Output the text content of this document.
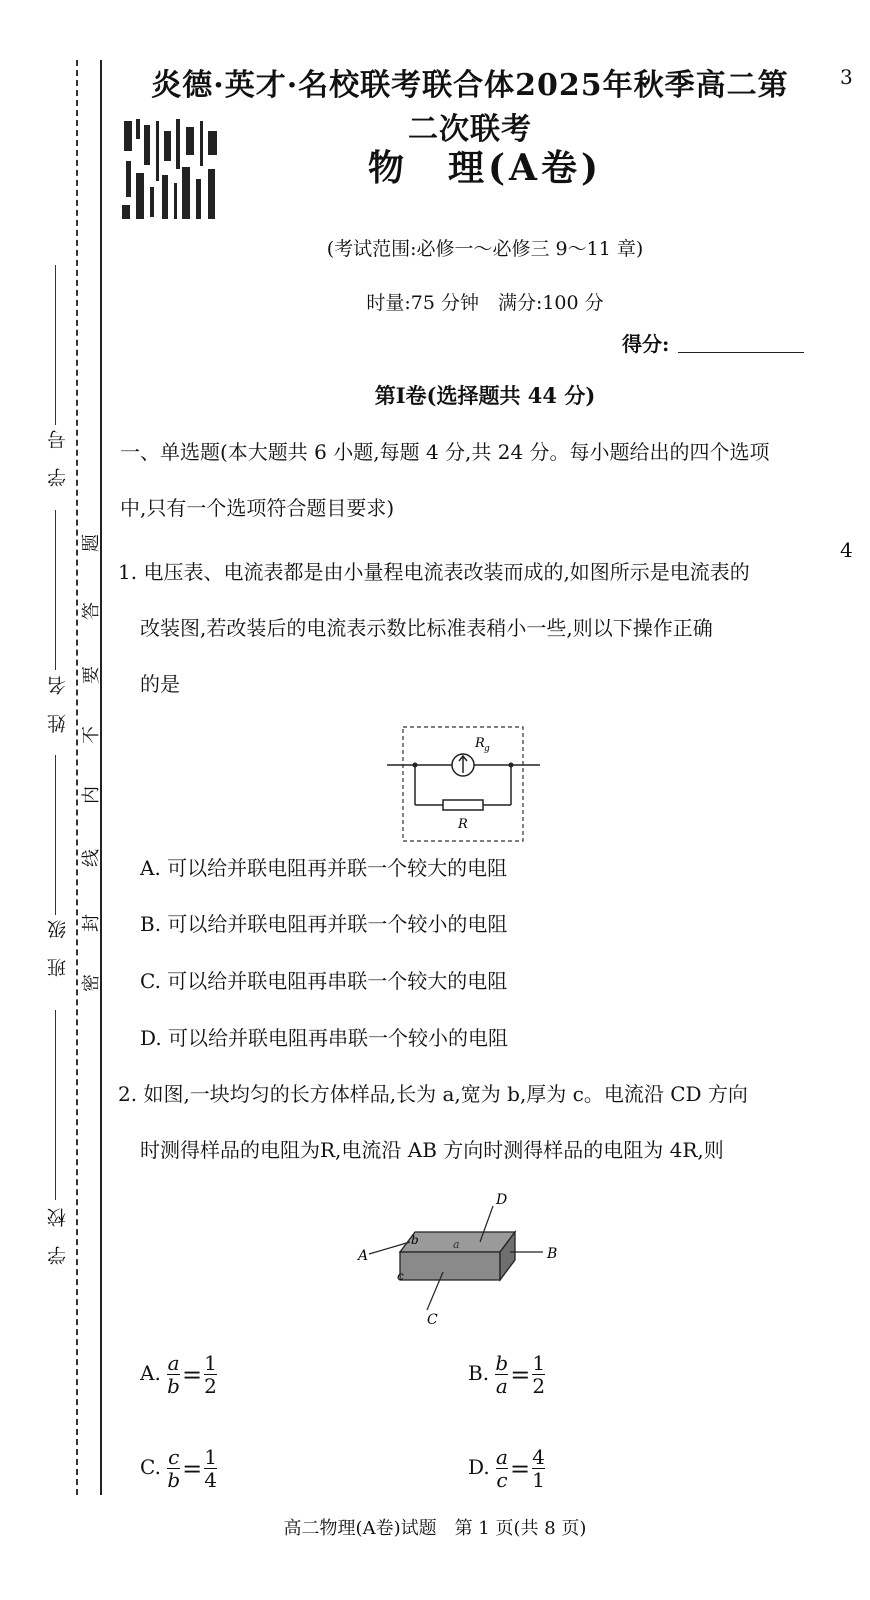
学　号
姓　名
班　级
学　校
题
答
要
不
内
线
封
密
3
4
炎德·英才·名校联考联合体2025年秋季高二第二次联考
物　理(A卷)
(考试范围:必修一～必修三 9～11 章)
时量:75 分钟　满分:100 分
得分:
第Ⅰ卷(选择题共 44 分)
一、单选题(本大题共 6 小题,每题 4 分,共 24 分。每小题给出的四个选项
中,只有一个选项符合题目要求)
1. 电压表、电流表都是由小量程电流表改装而成的,如图所示是电流表的
改装图,若改装后的电流表示数比标准表稍小一些,则以下操作正确
的是
R g
R
A. 可以给并联电阻再并联一个较大的电阻
B. 可以给并联电阻再并联一个较小的电阻
C. 可以给并联电阻再串联一个较大的电阻
D. 可以给并联电阻再串联一个较小的电阻
2. 如图,一块均匀的长方体样品,长为 a,宽为 b,厚为 c。电流沿 CD 方向
时测得样品的电阻为R,电流沿 AB 方向时测得样品的电阻为 4R,则
A	B
D
C
a
b
c
A. $\frac{a}{b} = \frac{1}{2}$	B. $\frac{b}{a} = \frac{1}{2}$
C. $\frac{c}{b} = \frac{1}{4}$	D. $\frac{a}{c} = \frac{4}{1}$
高二物理(A卷)试题　第 1 页(共 8 页)
